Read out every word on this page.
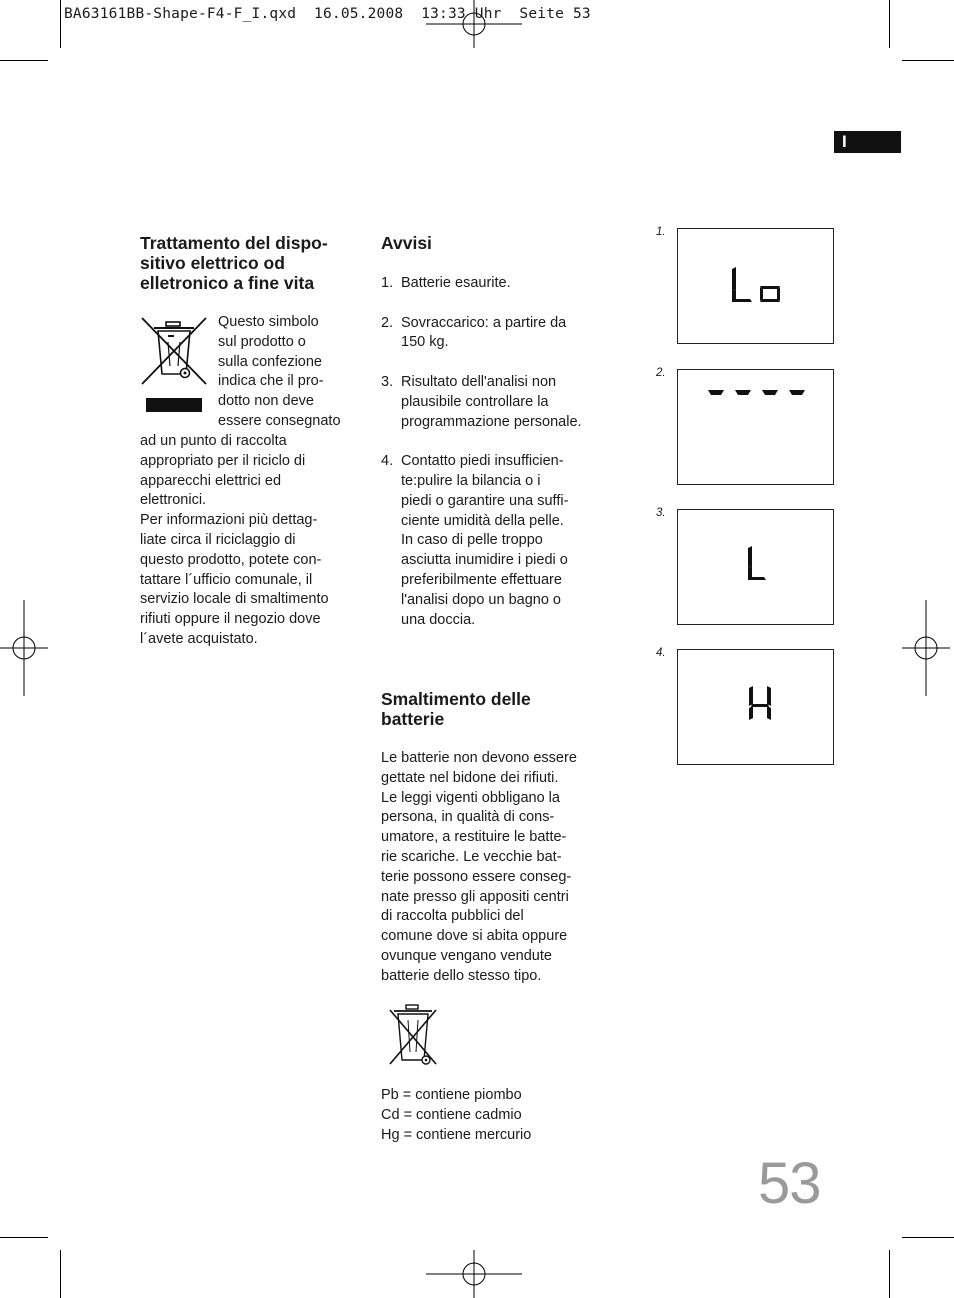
BA63161BB-Shape-F4-F_I.qxd  16.05.2008  13:33 Uhr  Seite 53
I
Trattamento del dispo-
sitivo elettrico od
elletronico a fine vita
Questo simbolo
sul prodotto o
sulla confezione
indica che il pro-
dotto non deve
essere consegnato
ad un punto di raccolta
appropriato per il riciclo di
apparecchi elettrici ed
elettronici.
Per informazioni più dettag-
liate circa il riciclaggio di
questo prodotto, potete con-
tattare l´ufficio comunale, il
servizio locale di smaltimento
rifiuti oppure il negozio dove
l´avete acquistato.
Avvisi
1. Batterie esaurite.
2. Sovraccarico: a partire da
150 kg.
3. Risultato dell'analisi non
plausibile controllare la
programmazione personale.
4. Contatto piedi insufficien-
te:pulire la bilancia o i
piedi o garantire una suffi-
ciente umidità della pelle.
In caso di pelle troppo
asciutta inumidire i piedi o
preferibilmente effettuare
l'analisi dopo un bagno o
una doccia.
Smaltimento delle
batterie
Le batterie non devono essere
gettate nel bidone dei rifiuti.
Le leggi vigenti obbligano la
persona, in qualità di cons-
umatore, a restituire le batte-
rie scariche. Le vecchie bat-
terie possono essere conseg-
nate presso gli appositi centri
di raccolta pubblici del
comune dove si abita oppure
ovunque vengano vendute
batterie dello stesso tipo.
Pb = contiene piombo
Cd = contiene cadmio
Hg = contiene mercurio
1.
2.
3.
4.
53
